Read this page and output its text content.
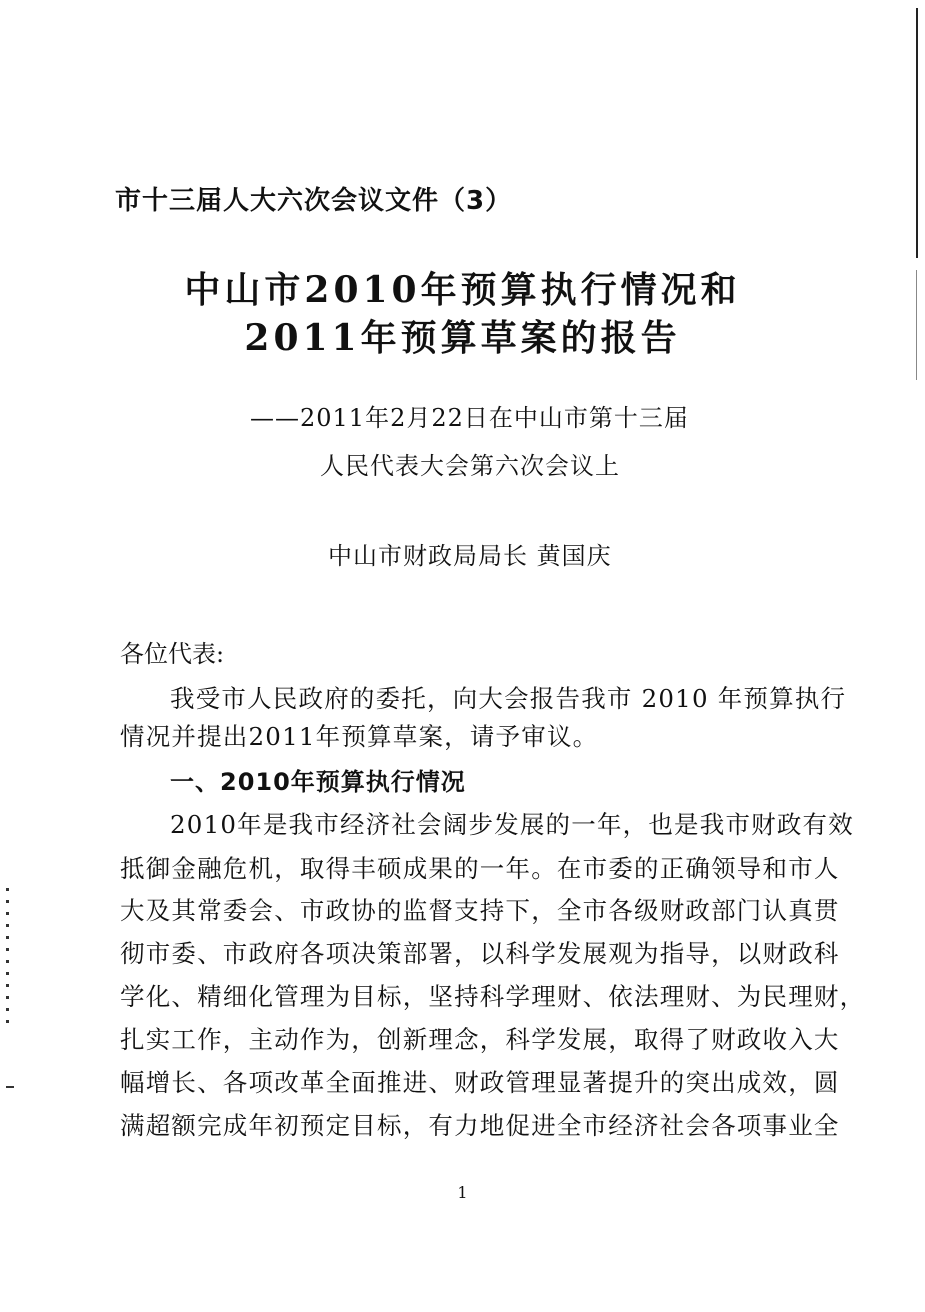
市十三届人大六次会议文件（3）
中山市2010年预算执行情况和
2011年预算草案的报告
——2011年2月22日在中山市第十三届
人民代表大会第六次会议上
中山市财政局局长 黄国庆
各位代表:
我受市人民政府的委托，向大会报告我市 2010 年预算执行
情况并提出2011年预算草案，请予审议。
一、2010年预算执行情况
2010年是我市经济社会阔步发展的一年，也是我市财政有效
抵御金融危机，取得丰硕成果的一年。在市委的正确领导和市人
大及其常委会、市政协的监督支持下，全市各级财政部门认真贯
彻市委、市政府各项决策部署，以科学发展观为指导，以财政科
学化、精细化管理为目标，坚持科学理财、依法理财、为民理财，
扎实工作，主动作为，创新理念，科学发展，取得了财政收入大
幅增长、各项改革全面推进、财政管理显著提升的突出成效，圆
满超额完成年初预定目标，有力地促进全市经济社会各项事业全
1
